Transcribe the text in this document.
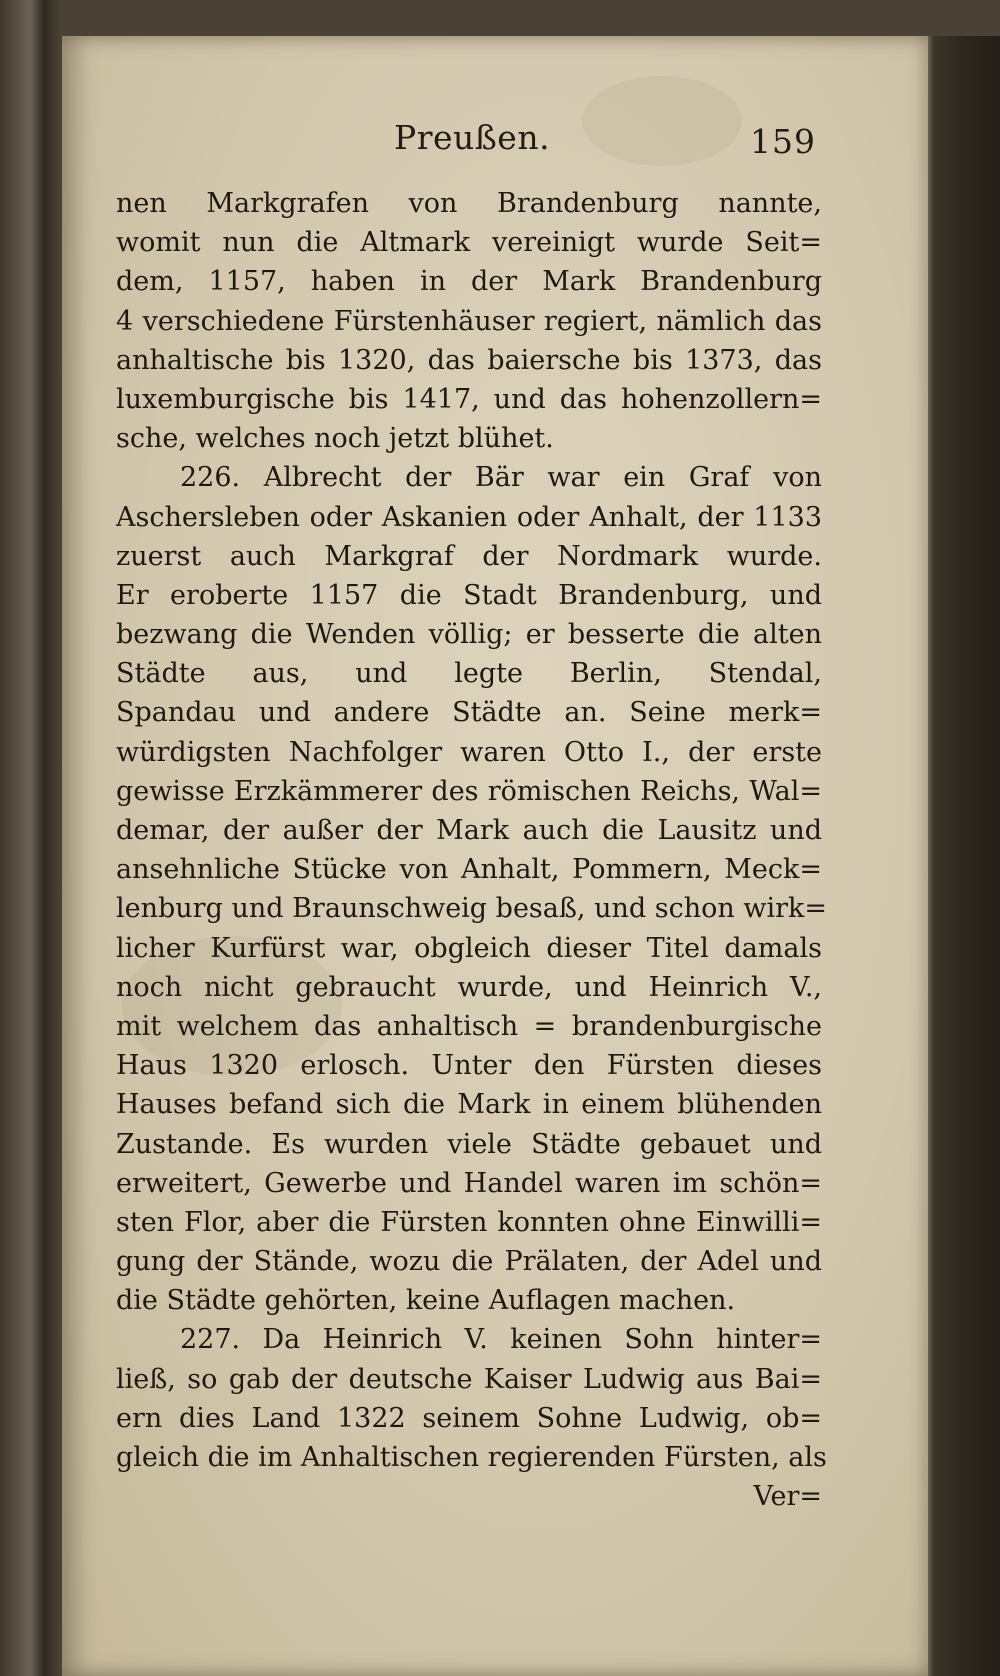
Preußen.	159
nen Markgrafen von Brandenburg nannte,
womit nun die Altmark vereinigt wurde Seit=
dem, 1157, haben in der Mark Brandenburg
4 verschiedene Fürstenhäuser regiert, nämlich das
anhaltische bis 1320, das baiersche bis 1373, das
luxemburgische bis 1417, und das hohenzollern=
sche, welches noch jetzt blühet.
226. Albrecht der Bär war ein Graf von
Aschersleben oder Askanien oder Anhalt, der 1133
zuerst auch Markgraf der Nordmark wurde.
Er eroberte 1157 die Stadt Brandenburg, und
bezwang die Wenden völlig; er besserte die alten
Städte aus, und legte Berlin, Stendal,
Spandau und andere Städte an. Seine merk=
würdigsten Nachfolger waren Otto I., der erste
gewisse Erzkämmerer des römischen Reichs, Wal=
demar, der außer der Mark auch die Lausitz und
ansehnliche Stücke von Anhalt, Pommern, Meck=
lenburg und Braunschweig besaß, und schon wirk=
licher Kurfürst war, obgleich dieser Titel damals
noch nicht gebraucht wurde, und Heinrich V.,
mit welchem das anhaltisch = brandenburgische
Haus 1320 erlosch. Unter den Fürsten dieses
Hauses befand sich die Mark in einem blühenden
Zustande. Es wurden viele Städte gebauet und
erweitert, Gewerbe und Handel waren im schön=
sten Flor, aber die Fürsten konnten ohne Einwilli=
gung der Stände, wozu die Prälaten, der Adel und
die Städte gehörten, keine Auflagen machen.
227. Da Heinrich V. keinen Sohn hinter=
ließ, so gab der deutsche Kaiser Ludwig aus Bai=
ern dies Land 1322 seinem Sohne Ludwig, ob=
gleich die im Anhaltischen regierenden Fürsten, als
Ver=
